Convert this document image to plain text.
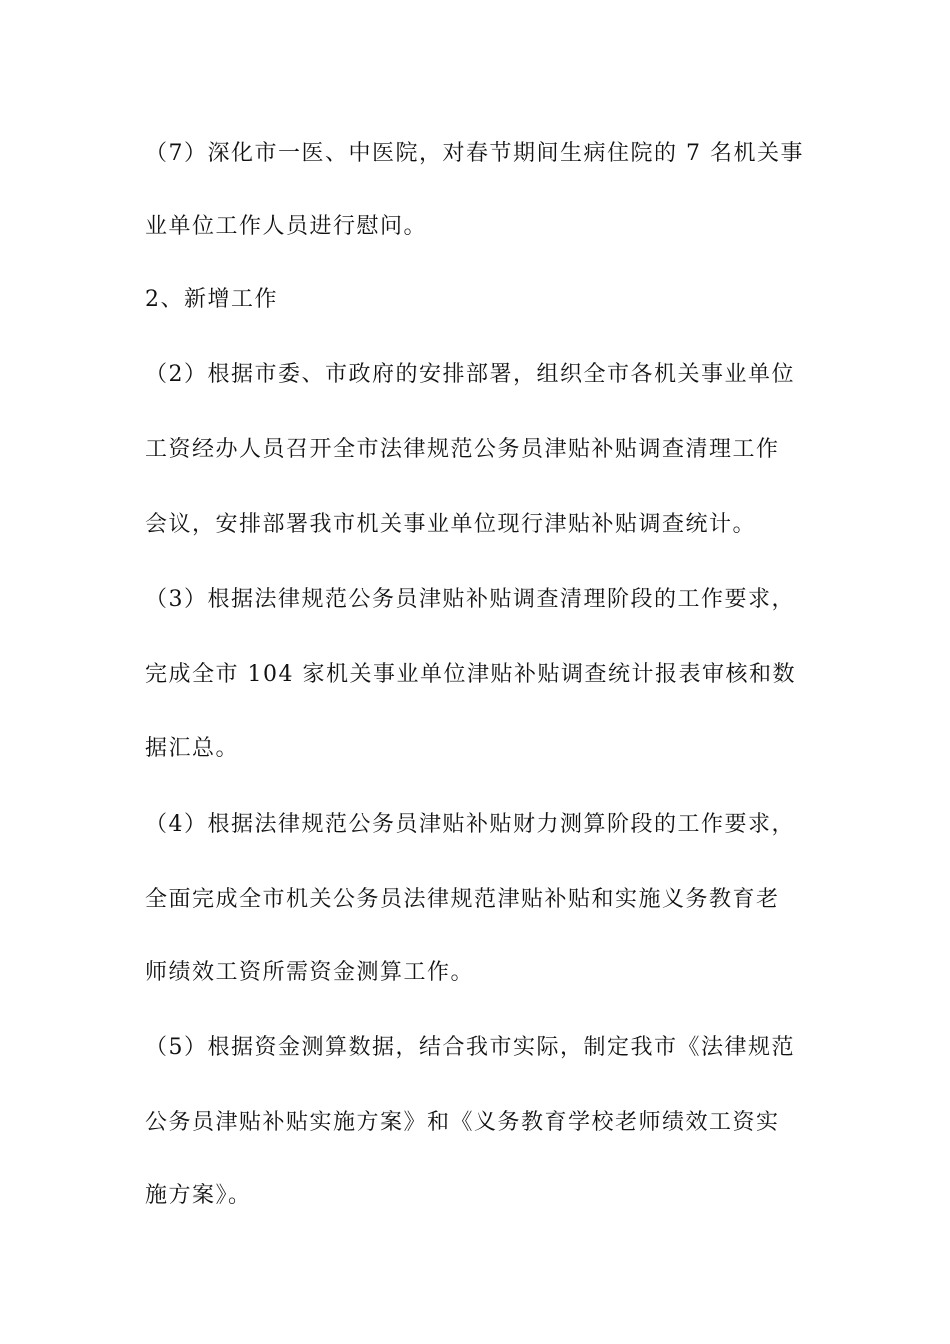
（7）深化市一医、中医院，对春节期间生病住院的 7 名机关事
业单位工作人员进行慰问。
2、新增工作
（2）根据市委、市政府的安排部署，组织全市各机关事业单位
工资经办人员召开全市法律规范公务员津贴补贴调查清理工作
会议，安排部署我市机关事业单位现行津贴补贴调查统计。
（3）根据法律规范公务员津贴补贴调查清理阶段的工作要求，
完成全市 104 家机关事业单位津贴补贴调查统计报表审核和数
据汇总。
（4）根据法律规范公务员津贴补贴财力测算阶段的工作要求，
全面完成全市机关公务员法律规范津贴补贴和实施义务教育老
师绩效工资所需资金测算工作。
（5）根据资金测算数据，结合我市实际，制定我市《法律规范
公务员津贴补贴实施方案》和《义务教育学校老师绩效工资实
施方案》。
